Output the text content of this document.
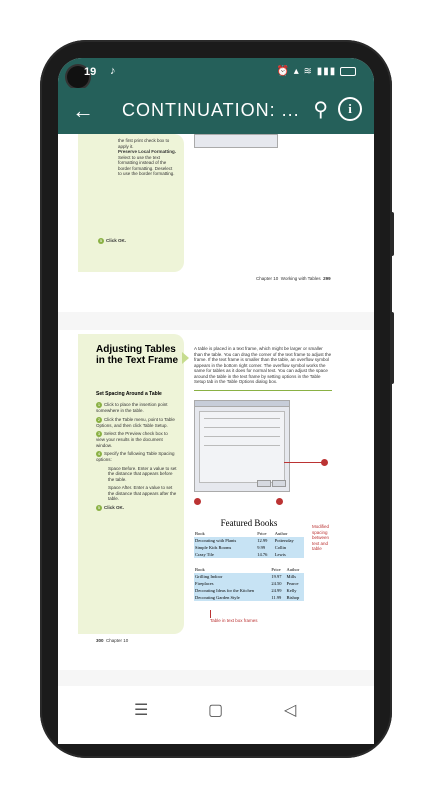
19 ♪	⏰ ▴ ≋ ▮▮▮
← CONTINUATION: ... ⚲	i
the first print check box to
apply it.
Preserve Local Formatting.
Select to use the text
formatting instead of the
border formatting. Deselect
to use the border formatting.
5 Click OK.
Chapter 10 Working with Tables 299
Adjusting Tables in the Text Frame
Set Spacing Around a Table
1 Click to place the insertion point somewhere in the table.
2 Click the Table menu, point to Table Options, and then click Table Setup.
3 Select the Preview check box to view your results in the document window.
4 Specify the following Table Spacing options:
Space Before. Enter a value to set the distance that appears before the table.
Space After. Enter a value to set the distance that appears after the table.
5 Click OK.
300 Chapter 10
A table is placed in a text frame, which might be larger or smaller than the table. You can drag the corner of the text frame to adjust the frame. If the text frame is smaller than the table, an overflow symbol appears in the bottom right corner. The overflow symbol works the same for tables as it does for normal text. You can adjust the space around the table in the text frame by setting options in the Table Setup tab in the Table Options dialog box.
Featured Books
Book	Price	Author
Decorating with Plants	12.99	Pottersday
Simple Kids Rooms	9.99	Collin
Crazy Tile	14.76	Lewis
Modified spacing between text and table
Book	Price	Author
Grilling Indoor	19.97	Mills
Fireplaces	24.50	Pearce
Decorating Ideas for the Kitchen	24.99	Kelly
Decorating Garden Style	11.99	Bishop
Table in text box frames
☰	▢	◁
